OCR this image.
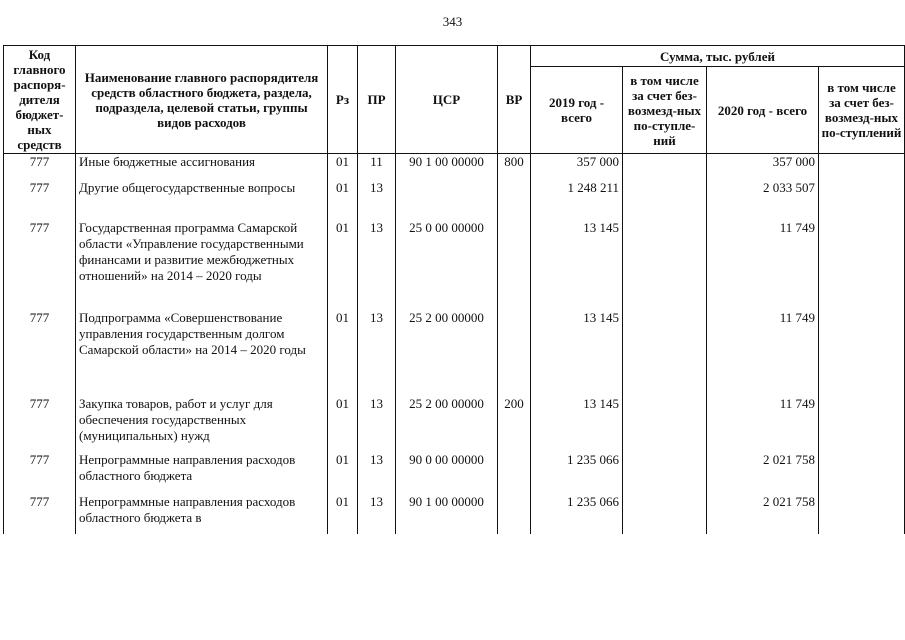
343
Код главного распоря-дителя бюджет-ных средств	Наименование главного распорядителя средств областного бюджета, раздела, подраздела, целевой статьи, группы видов расходов	Рз	ПР	ЦСР	ВР	Сумма, тыс. рублей			
						2019 год - всего	в том числе за счет без-возмезд-ных по-ступле-ний	2020 год - всего	в том числе за счет без-возмезд-ных по-ступлений
777	Иные бюджетные ассигнования	01	11	90 1 00 00000	800	357 000		357 000	
777	Другие общегосударственные вопросы	01	13			1 248 211		2 033 507	
777	Государственная программа Самарской области «Управление государственными финансами и развитие межбюджетных отношений» на 2014 – 2020 годы	01	13	25 0 00 00000		13 145		11 749	
777	Подпрограмма «Совершенствование управления государственным долгом Самарской области» на 2014 – 2020 годы	01	13	25 2 00 00000		13 145		11 749	
777	Закупка товаров, работ и услуг для обеспечения государственных (муниципальных) нужд	01	13	25 2 00 00000	200	13 145		11 749	
777	Непрограммные направления расходов областного бюджета	01	13	90 0 00 00000		1 235 066		2 021 758	
777	Непрограммные направления расходов областного бюджета в	01	13	90 1 00 00000		1 235 066		2 021 758	
